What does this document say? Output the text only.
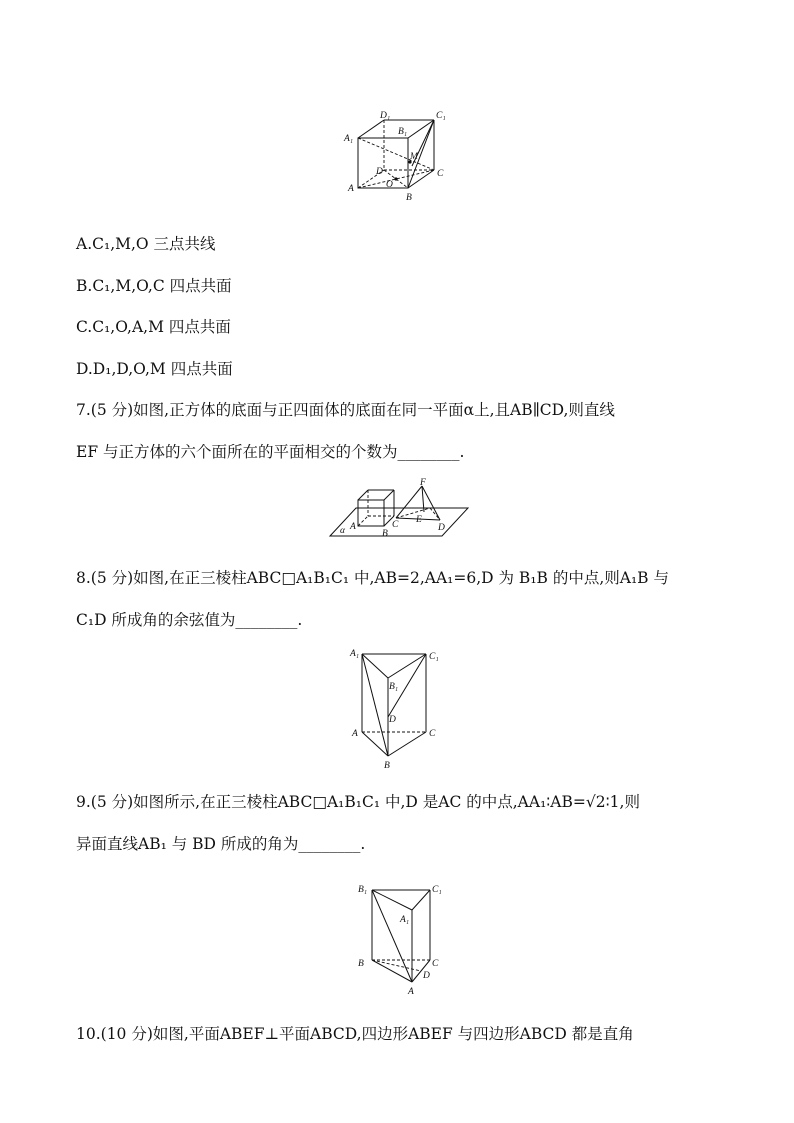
D₁	C₁
A₁
B₁
M
D
O
C
A
B
A.C₁,M,O 三点共线
B.C₁,M,O,C 四点共面
C.C₁,O,A,M 四点共面
D.D₁,D,O,M 四点共面
7.(5 分)如图,正方体的底面与正四面体的底面在同一平面α上,且AB∥CD,则直线
EF 与正方体的六个面所在的平面相交的个数为________.
F
α A
B
C E
D
8.(5 分)如图,在正三棱柱ABC□A₁B₁C₁ 中,AB=2,AA₁=6,D 为 B₁B 的中点,则A₁B 与
C₁D 所成角的余弦值为________.
A₁	C₁
B₁
D
A	C
B
9.(5 分)如图所示,在正三棱柱ABC□A₁B₁C₁ 中,D 是AC 的中点,AA₁∶AB=√2∶1,则
异面直线AB₁ 与 BD 所成的角为________.
B₁	C₁
A₁
B	C
D
A
10.(10 分)如图,平面ABEF⊥平面ABCD,四边形ABEF 与四边形ABCD 都是直角
